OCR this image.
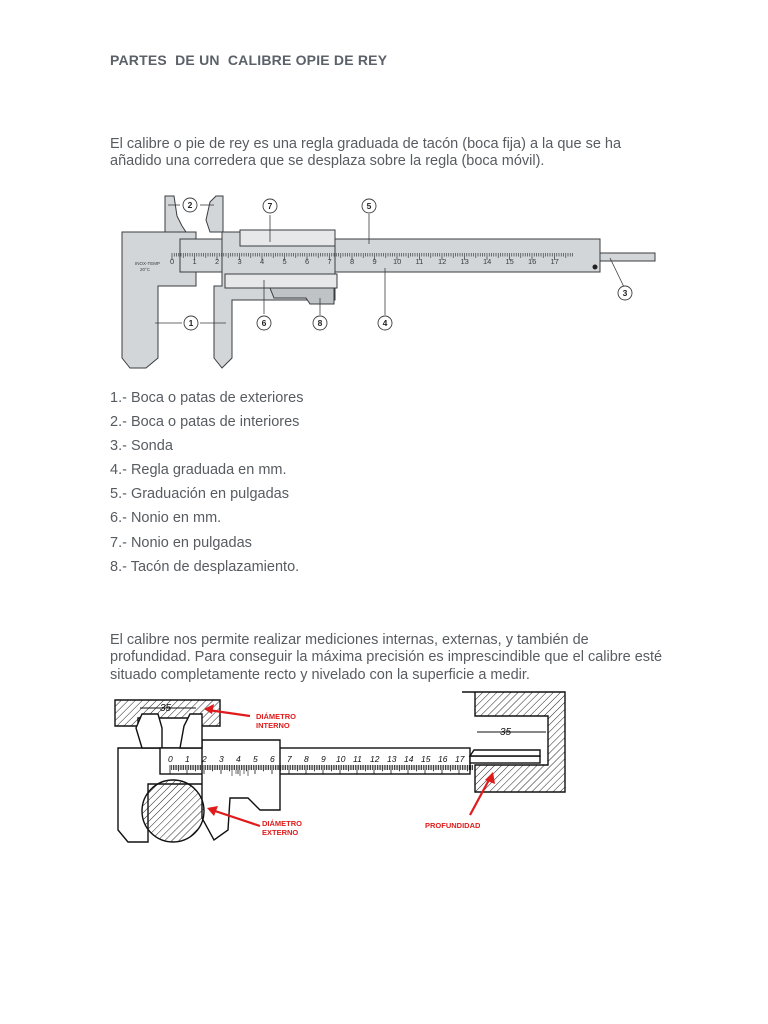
PARTES  DE UN  CALIBRE OPIE DE REY

El calibre o pie de rey es una regla graduada de tacón (boca fija) a la que se ha añadido una corredera que se desplaza sobre la regla (boca móvil).

0 1 2 3 4 5 6 7 8 9 10 11 12 13 14 15 16 17
INOX-TEMP
20°C
2	7	5
3
1	6	8	4
1.- Boca o patas de exteriores
2.- Boca o patas de interiores
3.- Sonda
4.- Regla graduada en mm.
5.- Graduación en pulgadas
6.- Nonio en mm.
7.- Nonio en pulgadas
8.- Tacón de desplazamiento.

El calibre nos permite realizar mediciones internas, externas, y también de profundidad. Para conseguir la máxima precisión es imprescindible que el calibre esté situado completamente recto y nivelado con la superficie a medir.

0 1 2 3 4 5 6 7 8 9 10 11 12 13 14 15 16 17
35
35
DIÁMETRO
INTERNO
DIÁMETRO
EXTERNO
PROFUNDIDAD
